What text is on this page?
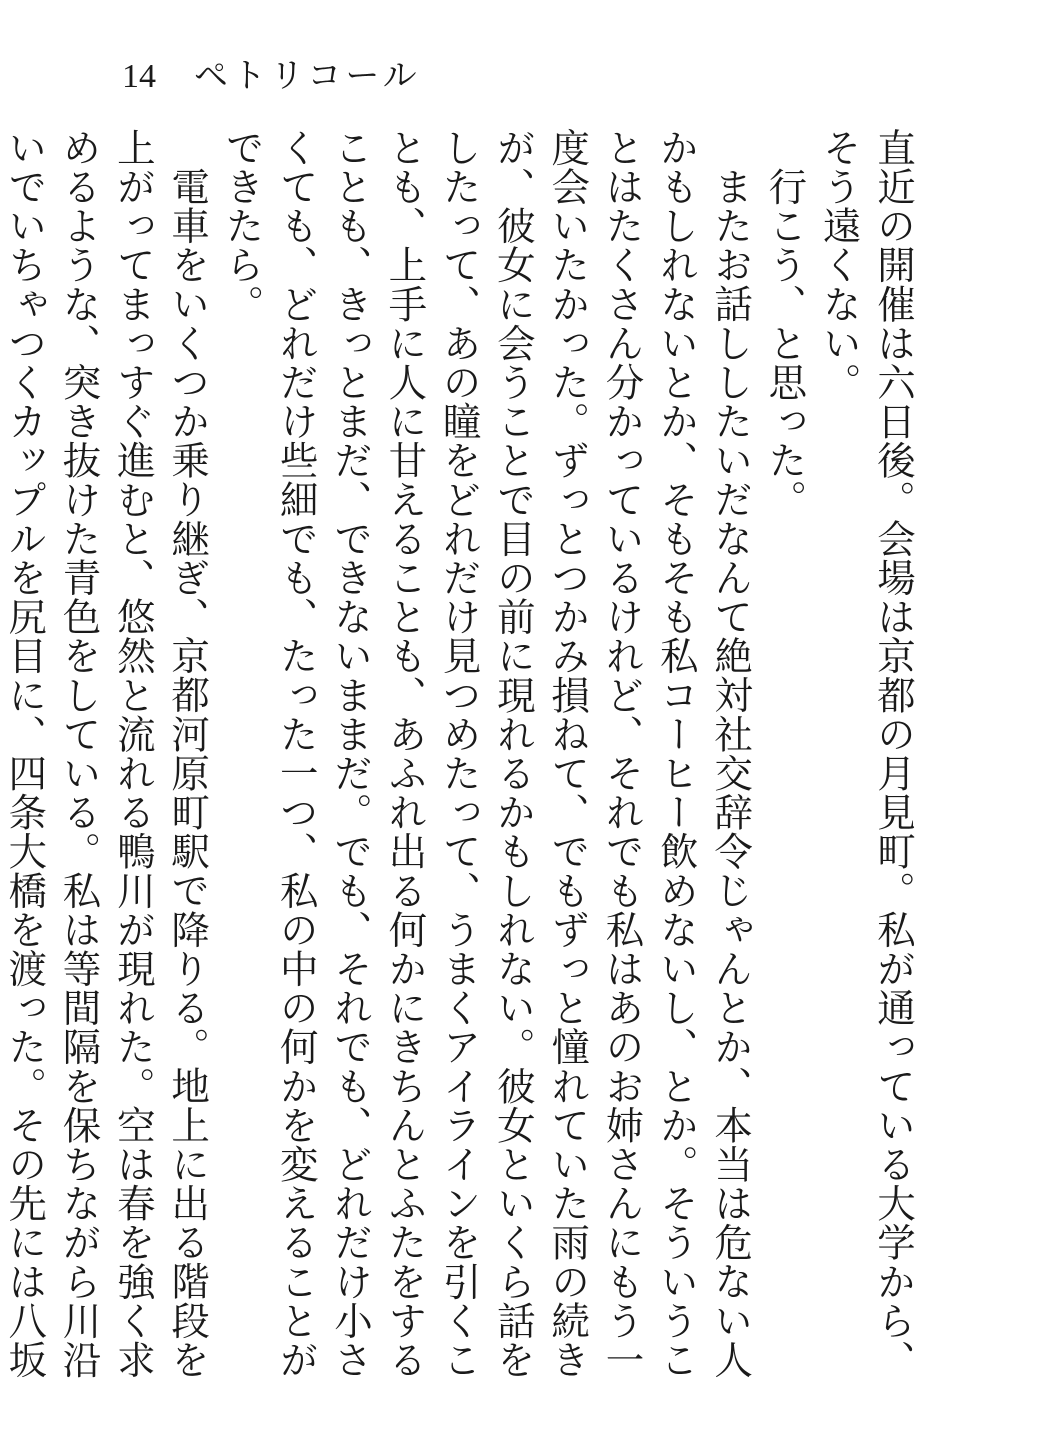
14 ペトリコール

直近の開催は六日後。会場は京都の月見町。私が通っている大学から、そう遠くない。

行こう、と思った。

またお話ししたいだなんて絶対社交辞令じゃんとか、本当は危ない人かもしれないとか、そもそも私コーヒー飲めないし、とか。そういうことはたくさん分かっているけれど、それでも私はあのお姉さんにもう一度会いたかった。ずっとつかみ損ねて、でもずっと憧れていた雨の続きが、彼女に会うことで目の前に現れるかもしれない。彼女といくら話をしたって、あの瞳をどれだけ見つめたって、うまくアイラインを引くことも、上手に人に甘えることも、あふれ出る何かにきちんとふたをすることも、きっとまだ、できないままだ。でも、それでも、どれだけ小さくても、どれだけ些細でも、たった一つ、私の中の何かを変えることができたら。

電車をいくつか乗り継ぎ、京都河原町駅で降りる。地上に出る階段を上がってまっすぐ進むと、悠然と流れる鴨川が現れた。空は春を強く求めるような、突き抜けた青色をしている。私は等間隔を保ちながら川沿いでいちゃつくカップルを尻目に、四条大橋を渡った。その先には八坂
